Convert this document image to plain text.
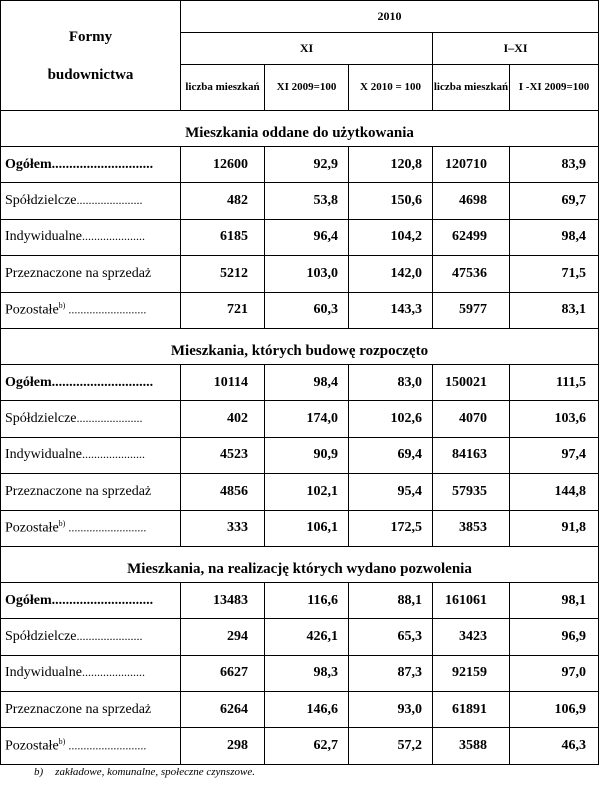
Formy
budownictwa	2010				
	XI			I–XI	
	liczba mieszkań	XI 2009=100	X 2010 = 100	liczba mieszkań	I -XI 2009=100
Mieszkania oddane do użytkowania					
Ogółem.............................	12600	92,9	120,8	120710	83,9
Spółdzielcze......................	482	53,8	150,6	4698	69,7
Indywidualne.....................	6185	96,4	104,2	62499	98,4
Przeznaczone na sprzedaż	5212	103,0	142,0	47536	71,5
Pozostałe$^{b)}$ ..........................	721	60,3	143,3	5977	83,1
Mieszkania, których budowę rozpoczęto					
Ogółem.............................	10114	98,4	83,0	150021	111,5
Spółdzielcze......................	402	174,0	102,6	4070	103,6
Indywidualne.....................	4523	90,9	69,4	84163	97,4
Przeznaczone na sprzedaż	4856	102,1	95,4	57935	144,8
Pozostałe$^{b)}$ ..........................	333	106,1	172,5	3853	91,8
Mieszkania, na realizację których wydano pozwolenia					
Ogółem.............................	13483	116,6	88,1	161061	98,1
Spółdzielcze......................	294	426,1	65,3	3423	96,9
Indywidualne.....................	6627	98,3	87,3	92159	97,0
Przeznaczone na sprzedaż	6264	146,6	93,0	61891	106,9
Pozostałe$^{b)}$ ..........................	298	62,7	57,2	3588	46,3
b) zakładowe, komunalne, społeczne czynszowe.
